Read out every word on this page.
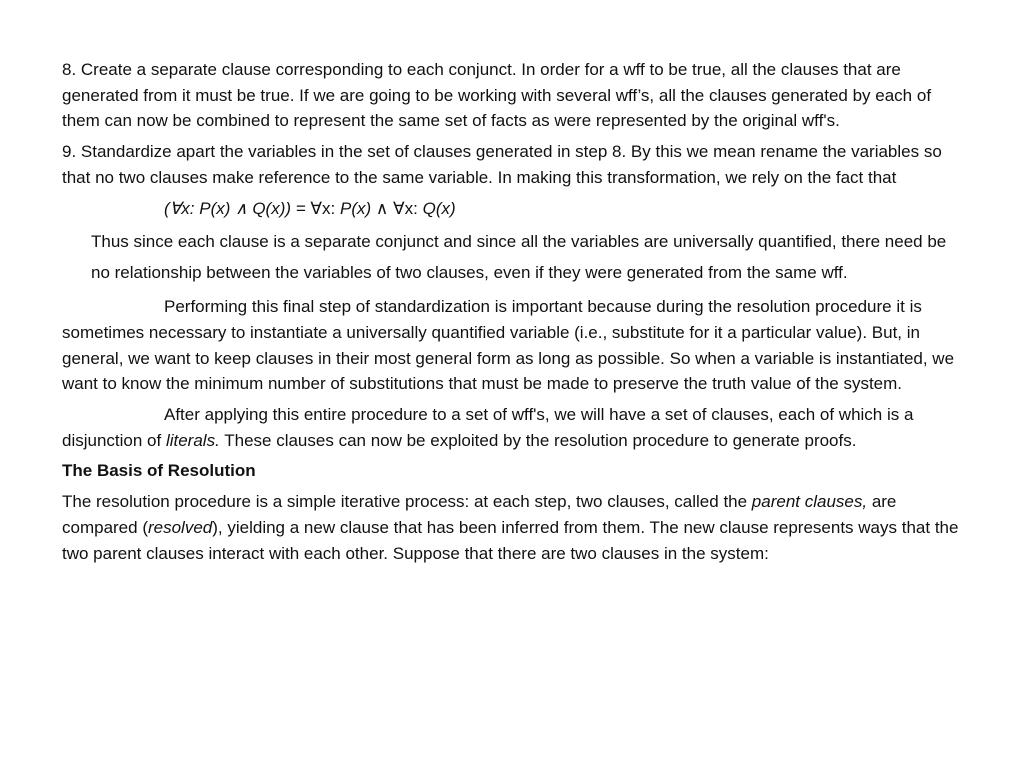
8. Create a separate clause corresponding to each conjunct. In order for a wff to be true, all the clauses that are generated from it must be true. If we are going to be working with several wff’s, all the clauses generated by each of them can now be combined to represent the same set of facts as were represented by the original wff's.

9. Standardize apart the variables in the set of clauses generated in step 8. By this we mean rename the variables so that no two clauses make reference to the same variable. In making this transformation, we rely on the fact that

(∀x: P(x) ∧ Q(x)) = ∀x: P(x) ∧ ∀x: Q(x)

Thus since each clause is a separate conjunct and since all the variables are universally quantified, there need be no relationship between the variables of two clauses, even if they were generated from the same wff.

Performing this final step of standardization is important because during the resolution procedure it is sometimes necessary to instantiate a universally quantified variable (i.e., substitute for it a particular value). But, in general, we want to keep clauses in their most general form as long as possible. So when a variable is instantiated, we want to know the minimum number of substitutions that must be made to preserve the truth value of the system.

After applying this entire procedure to a set of wff's, we will have a set of clauses, each of which is a disjunction of literals. These clauses can now be exploited by the resolution procedure to generate proofs.

The Basis of Resolution

The resolution procedure is a simple iterative process: at each step, two clauses, called the parent clauses, are compared (resolved), yielding a new clause that has been inferred from them. The new clause represents ways that the two parent clauses interact with each other. Suppose that there are two clauses in the system:
